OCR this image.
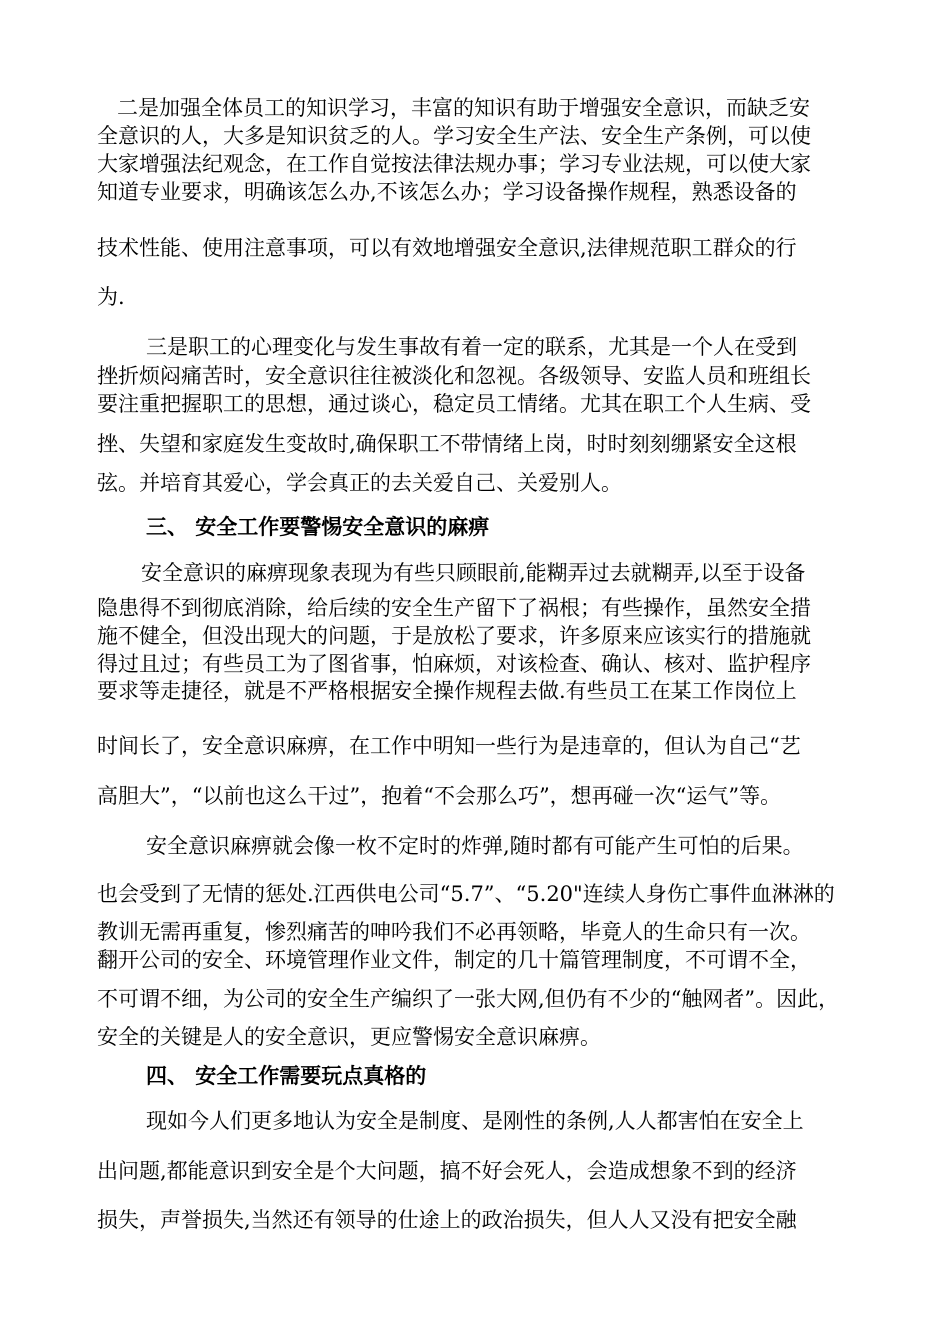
二是加强全体员工的知识学习，丰富的知识有助于增强安全意识，而缺乏安

全意识的人，大多是知识贫乏的人。学习安全生产法、安全生产条例，可以使

大家增强法纪观念，在工作自觉按法律法规办事；学习专业法规，可以使大家

知道专业要求，明确该怎么办,不该怎么办；学习设备操作规程，熟悉设备的

技术性能、使用注意事项，可以有效地增强安全意识,法律规范职工群众的行

为.

三是职工的心理变化与发生事故有着一定的联系，尤其是一个人在受到

挫折烦闷痛苦时，安全意识往往被淡化和忽视。各级领导、安监人员和班组长

要注重把握职工的思想，通过谈心，稳定员工情绪。尤其在职工个人生病、受

挫、失望和家庭发生变故时,确保职工不带情绪上岗，时时刻刻绷紧安全这根

弦。并培育其爱心，学会真正的去关爱自己、关爱别人。

三、 安全工作要警惕安全意识的麻痹

安全意识的麻痹现象表现为有些只顾眼前,能糊弄过去就糊弄,以至于设备

隐患得不到彻底消除，给后续的安全生产留下了祸根；有些操作，虽然安全措

施不健全，但没出现大的问题，于是放松了要求，许多原来应该实行的措施就

得过且过；有些员工为了图省事，怕麻烦，对该检查、确认、核对、监护程序

要求等走捷径，就是不严格根据安全操作规程去做.有些员工在某工作岗位上

时间长了，安全意识麻痹，在工作中明知一些行为是违章的，但认为自己“艺

高胆大”，“以前也这么干过”，抱着“不会那么巧”，想再碰一次“运气”等。

安全意识麻痹就会像一枚不定时的炸弹,随时都有可能产生可怕的后果。

也会受到了无情的惩处.江西供电公司“5.7”、“5.20"连续人身伤亡事件血淋淋的

教训无需再重复，惨烈痛苦的呻吟我们不必再领略，毕竟人的生命只有一次。

翻开公司的安全、环境管理作业文件，制定的几十篇管理制度，不可谓不全，

不可谓不细，为公司的安全生产编织了一张大网,但仍有不少的“触网者”。因此，

安全的关键是人的安全意识，更应警惕安全意识麻痹。

四、 安全工作需要玩点真格的

现如今人们更多地认为安全是制度、是刚性的条例,人人都害怕在安全上

出问题,都能意识到安全是个大问题，搞不好会死人，会造成想象不到的经济

损失，声誉损失,当然还有领导的仕途上的政治损失，但人人又没有把安全融
